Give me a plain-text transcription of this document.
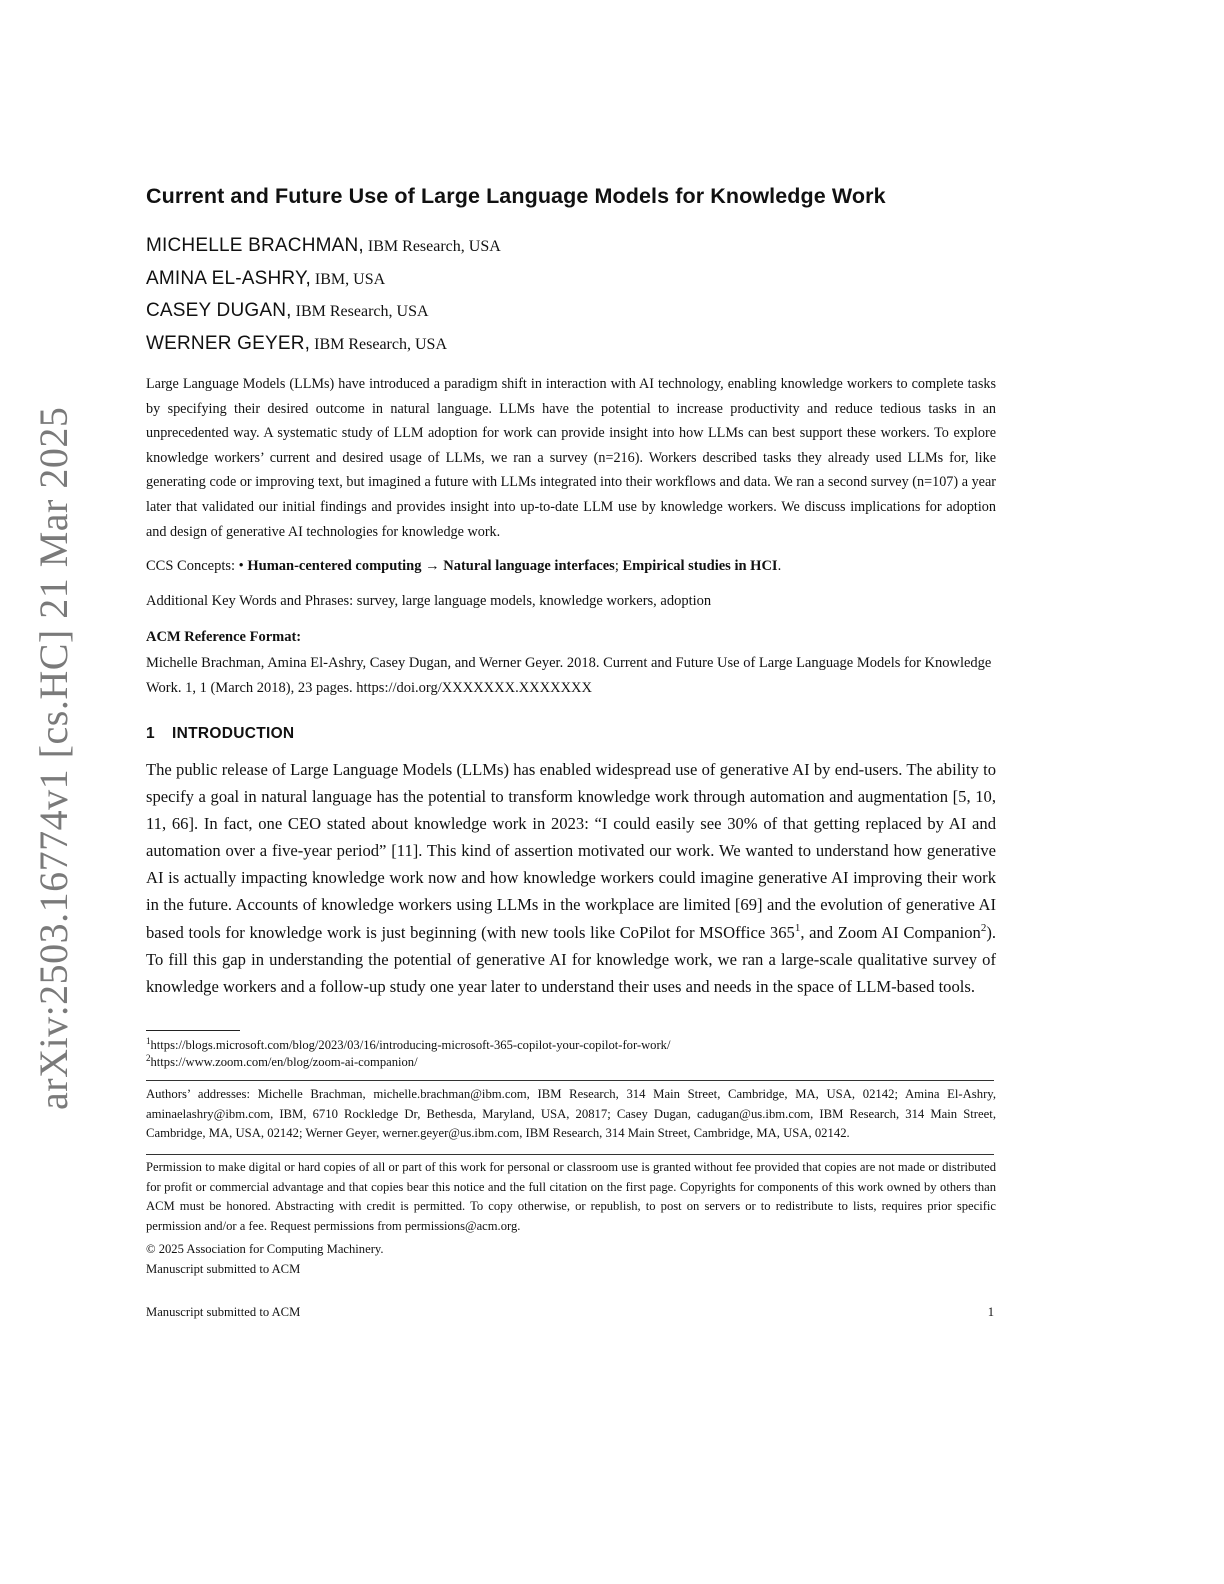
arXiv:2503.16774v1 [cs.HC] 21 Mar 2025
Current and Future Use of Large Language Models for Knowledge Work
MICHELLE BRACHMAN, IBM Research, USA
AMINA EL-ASHRY, IBM, USA
CASEY DUGAN, IBM Research, USA
WERNER GEYER, IBM Research, USA
Large Language Models (LLMs) have introduced a paradigm shift in interaction with AI technology, enabling knowledge workers to complete tasks by specifying their desired outcome in natural language. LLMs have the potential to increase productivity and reduce tedious tasks in an unprecedented way. A systematic study of LLM adoption for work can provide insight into how LLMs can best support these workers. To explore knowledge workers’ current and desired usage of LLMs, we ran a survey (n=216). Workers described tasks they already used LLMs for, like generating code or improving text, but imagined a future with LLMs integrated into their workflows and data. We ran a second survey (n=107) a year later that validated our initial findings and provides insight into up-to-date LLM use by knowledge workers. We discuss implications for adoption and design of generative AI technologies for knowledge work.
CCS Concepts: • Human-centered computing → Natural language interfaces; Empirical studies in HCI.
Additional Key Words and Phrases: survey, large language models, knowledge workers, adoption
ACM Reference Format:
Michelle Brachman, Amina El-Ashry, Casey Dugan, and Werner Geyer. 2018. Current and Future Use of Large Language Models for Knowledge Work. 1, 1 (March 2018), 23 pages. https://doi.org/XXXXXXX.XXXXXXX
1 INTRODUCTION
The public release of Large Language Models (LLMs) has enabled widespread use of generative AI by end-users. The ability to specify a goal in natural language has the potential to transform knowledge work through automation and augmentation [5, 10, 11, 66]. In fact, one CEO stated about knowledge work in 2023: “I could easily see 30% of that getting replaced by AI and automation over a five-year period” [11]. This kind of assertion motivated our work. We wanted to understand how generative AI is actually impacting knowledge work now and how knowledge workers could imagine generative AI improving their work in the future. Accounts of knowledge workers using LLMs in the workplace are limited [69] and the evolution of generative AI based tools for knowledge work is just beginning (with new tools like CoPilot for MSOffice $365^1$, and Zoom AI Companion$^2$). To fill this gap in understanding the potential of generative AI for knowledge work, we ran a large-scale qualitative survey of knowledge workers and a follow-up study one year later to understand their uses and needs in the space of LLM-based tools.
$^1$https://blogs.microsoft.com/blog/2023/03/16/introducing-microsoft-365-copilot-your-copilot-for-work/
$^2$https://www.zoom.com/en/blog/zoom-ai-companion/
Authors’ addresses: Michelle Brachman, michelle.brachman@ibm.com, IBM Research, 314 Main Street, Cambridge, MA, USA, 02142; Amina El-Ashry, aminaelashry@ibm.com, IBM, 6710 Rockledge Dr, Bethesda, Maryland, USA, 20817; Casey Dugan, cadugan@us.ibm.com, IBM Research, 314 Main Street, Cambridge, MA, USA, 02142; Werner Geyer, werner.geyer@us.ibm.com, IBM Research, 314 Main Street, Cambridge, MA, USA, 02142.
Permission to make digital or hard copies of all or part of this work for personal or classroom use is granted without fee provided that copies are not made or distributed for profit or commercial advantage and that copies bear this notice and the full citation on the first page. Copyrights for components of this work owned by others than ACM must be honored. Abstracting with credit is permitted. To copy otherwise, or republish, to post on servers or to redistribute to lists, requires prior specific permission and/or a fee. Request permissions from permissions@acm.org.
© 2025 Association for Computing Machinery.
Manuscript submitted to ACM
Manuscript submitted to ACM	1
